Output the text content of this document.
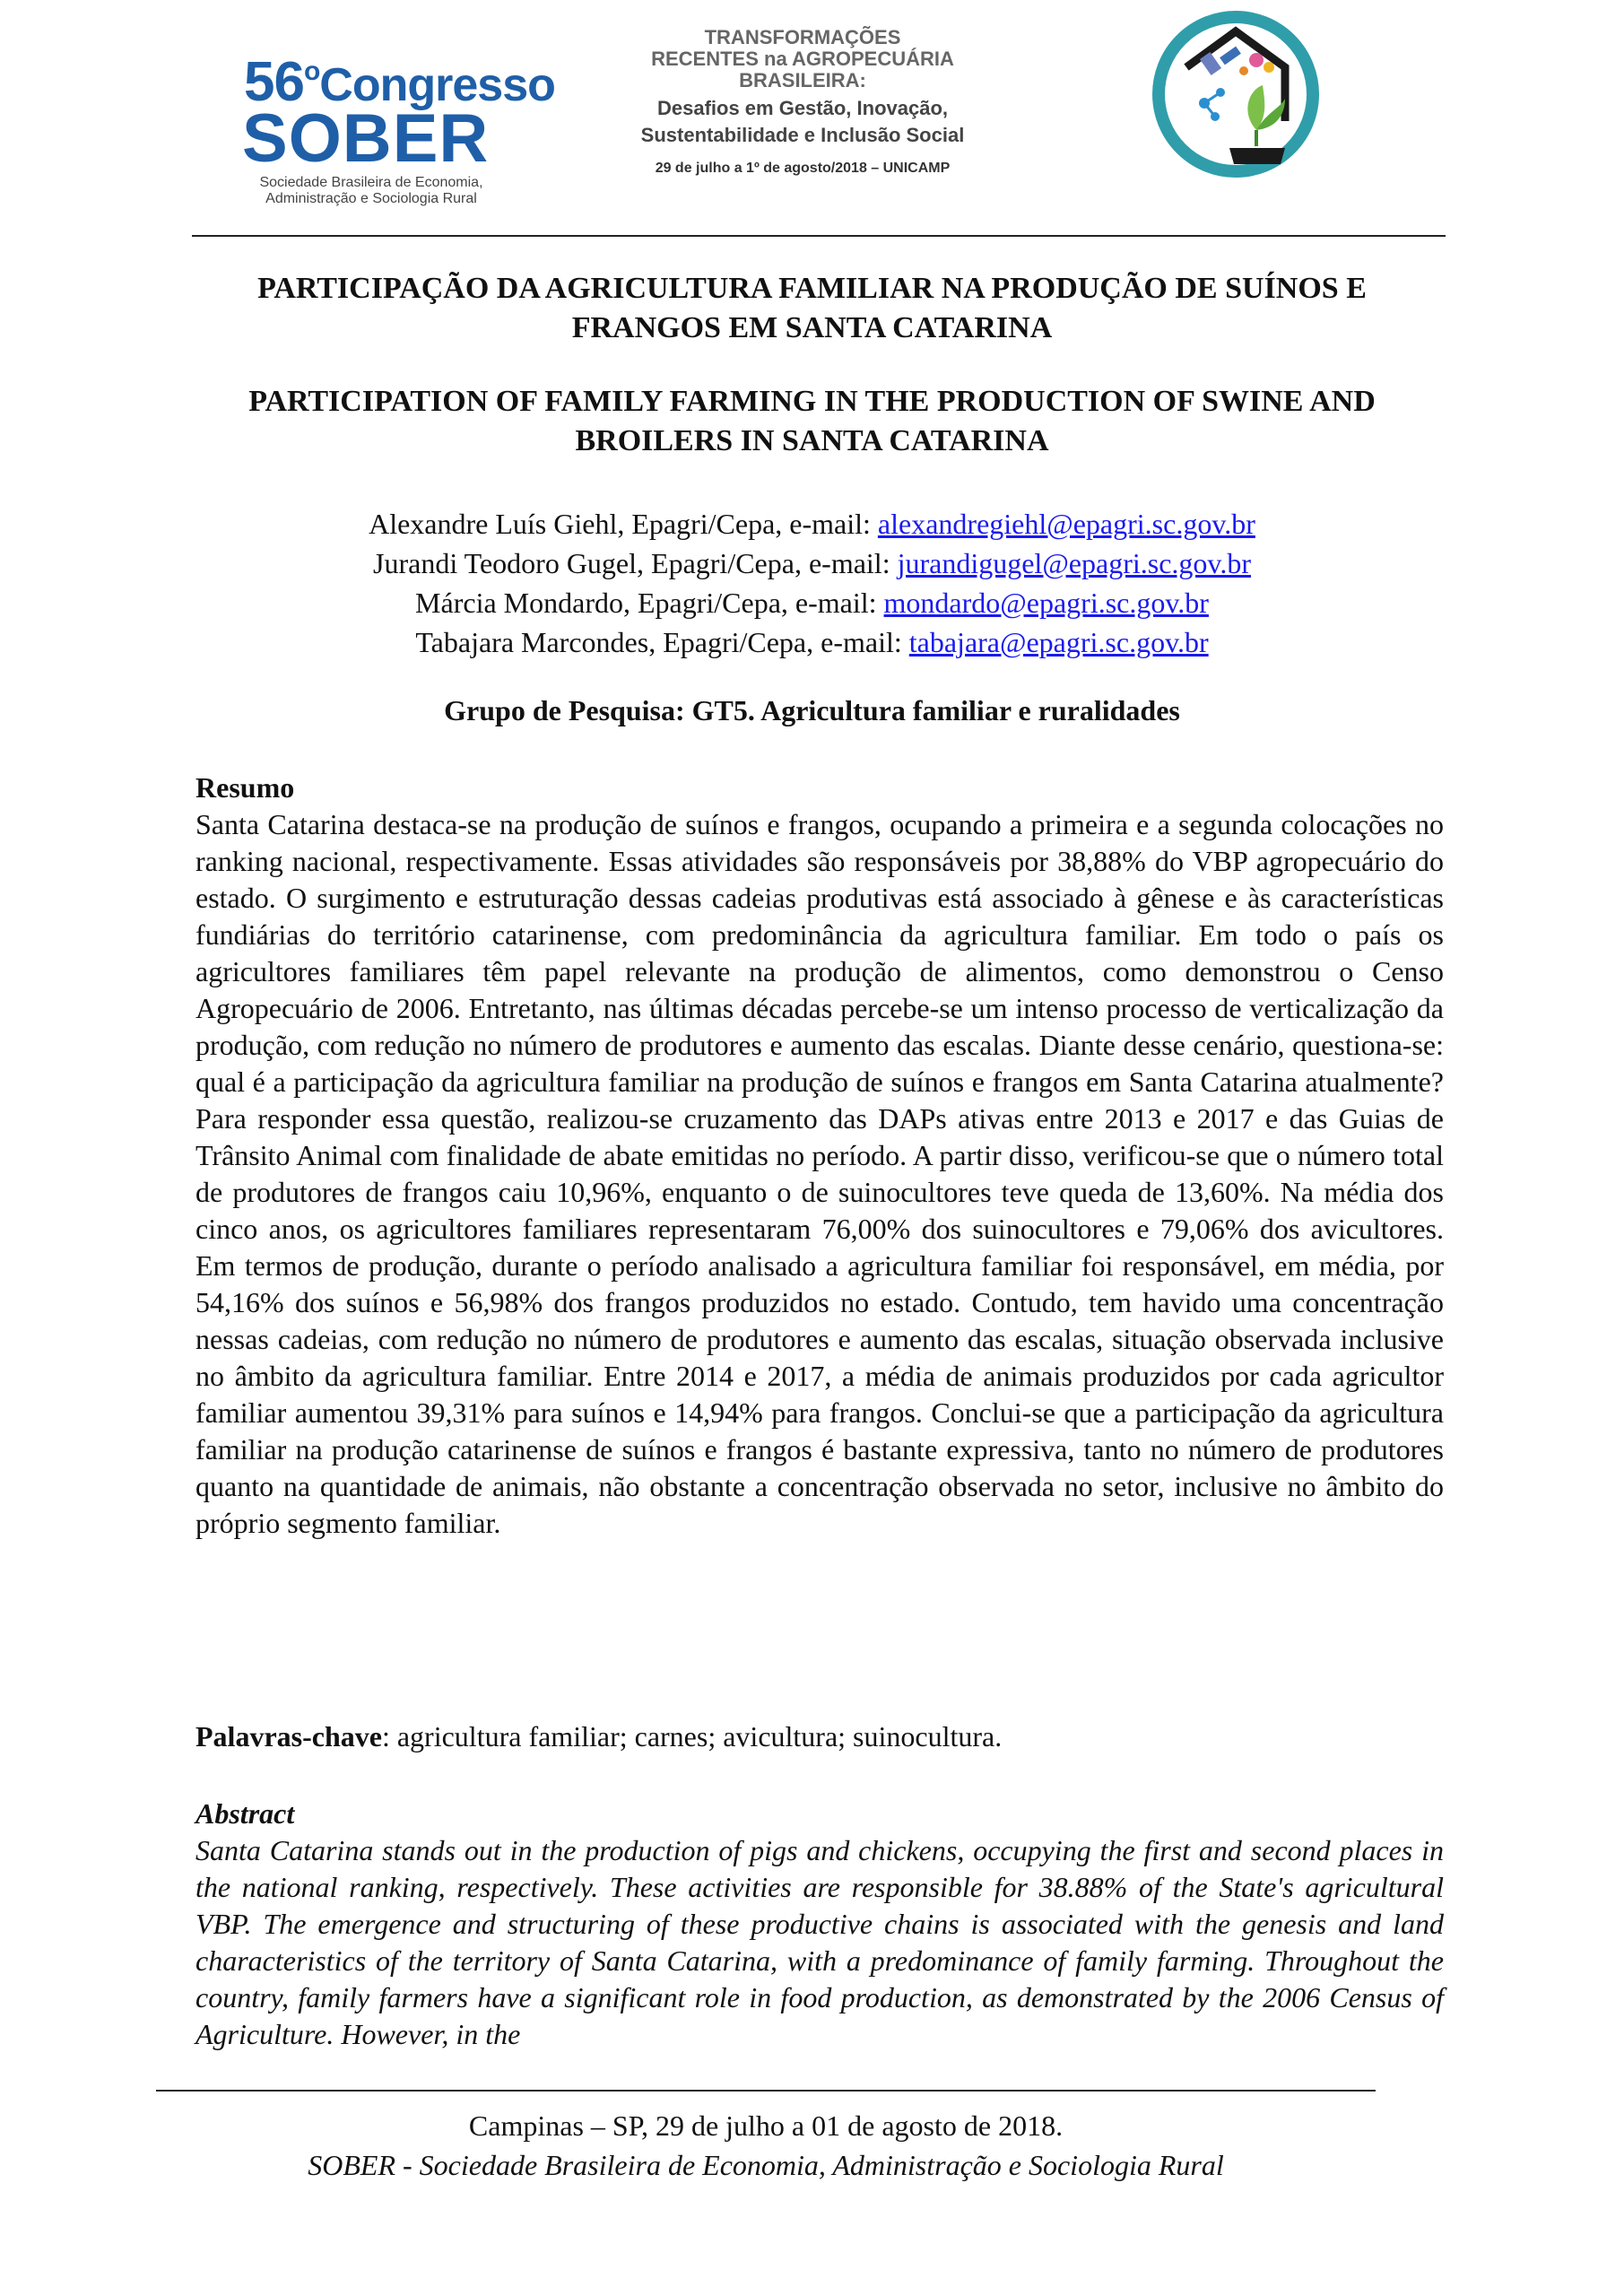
56$^o$Congresso
SOBER
Sociedade Brasileira de Economia,
Administração e Sociologia Rural
TRANSFORMAÇÕES
RECENTES na AGROPECUÁRIA
BRASILEIRA:
Desafios em Gestão, Inovação,
Sustentabilidade e Inclusão Social
29 de julho a 1º de agosto/2018 – UNICAMP
PARTICIPAÇÃO DA AGRICULTURA FAMILIAR NA PRODUÇÃO DE SUÍNOS E
FRANGOS EM SANTA CATARINA
PARTICIPATION OF FAMILY FARMING IN THE PRODUCTION OF SWINE AND
BROILERS IN SANTA CATARINA
Alexandre Luís Giehl, Epagri/Cepa, e-mail: alexandregiehl@epagri.sc.gov.br
Jurandi Teodoro Gugel, Epagri/Cepa, e-mail: jurandigugel@epagri.sc.gov.br
Márcia Mondardo, Epagri/Cepa, e-mail: mondardo@epagri.sc.gov.br
Tabajara Marcondes, Epagri/Cepa, e-mail: tabajara@epagri.sc.gov.br
Grupo de Pesquisa: GT5. Agricultura familiar e ruralidades
Resumo
Santa Catarina destaca-se na produção de suínos e frangos, ocupando a primeira e a segunda colocações no ranking nacional, respectivamente. Essas atividades são responsáveis por 38,88% do VBP agropecuário do estado. O surgimento e estruturação dessas cadeias produtivas está associado à gênese e às características fundiárias do território catarinense, com predominância da agricultura familiar. Em todo o país os agricultores familiares têm papel relevante na produção de alimentos, como demonstrou o Censo Agropecuário de 2006. Entretanto, nas últimas décadas percebe-se um intenso processo de verticalização da produção, com redução no número de produtores e aumento das escalas. Diante desse cenário, questiona-se: qual é a participação da agricultura familiar na produção de suínos e frangos em Santa Catarina atualmente? Para responder essa questão, realizou-se cruzamento das DAPs ativas entre 2013 e 2017 e das Guias de Trânsito Animal com finalidade de abate emitidas no período. A partir disso, verificou-se que o número total de produtores de frangos caiu 10,96%, enquanto o de suinocultores teve queda de 13,60%. Na média dos cinco anos, os agricultores familiares representaram 76,00% dos suinocultores e 79,06% dos avicultores. Em termos de produção, durante o período analisado a agricultura familiar foi responsável, em média, por 54,16% dos suínos e 56,98% dos frangos produzidos no estado. Contudo, tem havido uma concentração nessas cadeias, com redução no número de produtores e aumento das escalas, situação observada inclusive no âmbito da agricultura familiar. Entre 2014 e 2017, a média de animais produzidos por cada agricultor familiar aumentou 39,31% para suínos e 14,94% para frangos. Conclui-se que a participação da agricultura familiar na produção catarinense de suínos e frangos é bastante expressiva, tanto no número de produtores quanto na quantidade de animais, não obstante a concentração observada no setor, inclusive no âmbito do próprio segmento familiar.
Palavras-chave: agricultura familiar; carnes; avicultura; suinocultura.
Abstract
Santa Catarina stands out in the production of pigs and chickens, occupying the first and second places in the national ranking, respectively. These activities are responsible for 38.88% of the State's agricultural VBP. The emergence and structuring of these productive chains is associated with the genesis and land characteristics of the territory of Santa Catarina, with a predominance of family farming. Throughout the country, family farmers have a significant role in food production, as demonstrated by the 2006 Census of Agriculture. However, in the
Campinas – SP, 29 de julho a 01 de agosto de 2018.
SOBER - Sociedade Brasileira de Economia, Administração e Sociologia Rural
